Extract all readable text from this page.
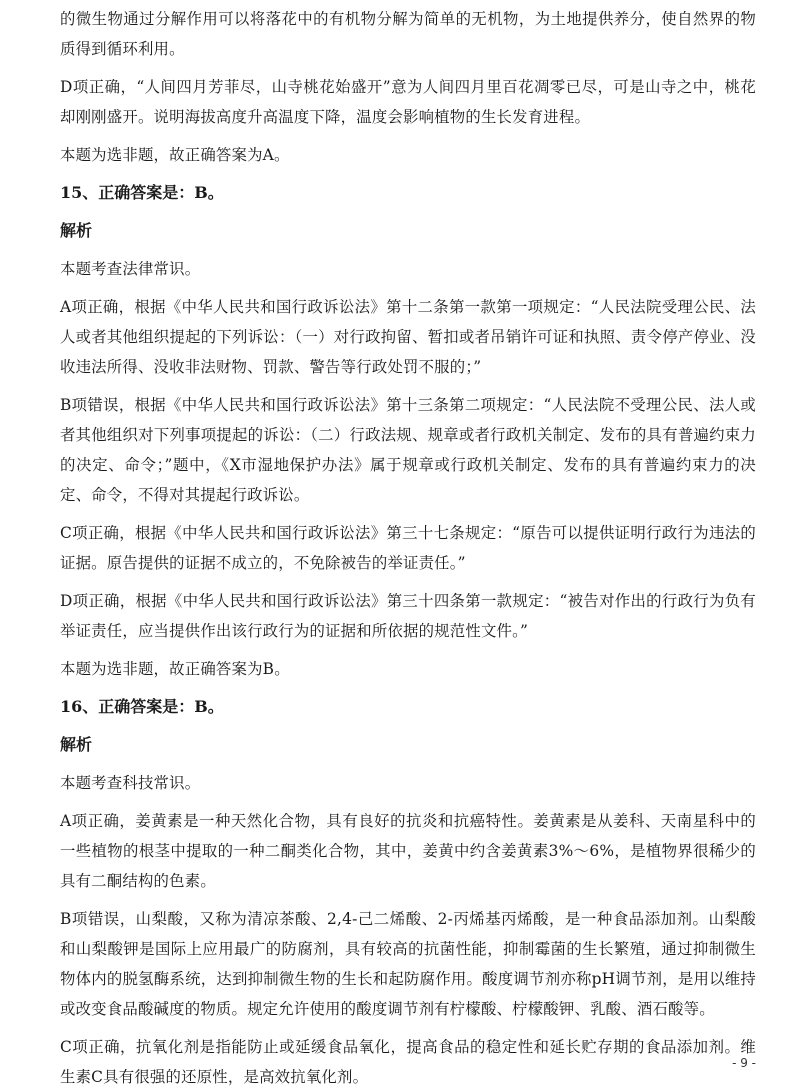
的微生物通过分解作用可以将落花中的有机物分解为简单的无机物，为土地提供养分，使自然界的物质得到循环利用。

D项正确，“人间四月芳菲尽，山寺桃花始盛开”意为人间四月里百花凋零已尽，可是山寺之中，桃花却刚刚盛开。说明海拔高度升高温度下降，温度会影响植物的生长发育进程。

本题为选非题，故正确答案为A。

15、正确答案是：B。

解析

本题考查法律常识。

A项正确，根据《中华人民共和国行政诉讼法》第十二条第一款第一项规定：“人民法院受理公民、法人或者其他组织提起的下列诉讼：（一）对行政拘留、暂扣或者吊销许可证和执照、责令停产停业、没收违法所得、没收非法财物、罚款、警告等行政处罚不服的；”

B项错误，根据《中华人民共和国行政诉讼法》第十三条第二项规定：“人民法院不受理公民、法人或者其他组织对下列事项提起的诉讼：（二）行政法规、规章或者行政机关制定、发布的具有普遍约束力的决定、命令；”题中，《X市湿地保护办法》属于规章或行政机关制定、发布的具有普遍约束力的决定、命令，不得对其提起行政诉讼。

C项正确，根据《中华人民共和国行政诉讼法》第三十七条规定：“原告可以提供证明行政行为违法的证据。原告提供的证据不成立的，不免除被告的举证责任。”

D项正确，根据《中华人民共和国行政诉讼法》第三十四条第一款规定：“被告对作出的行政行为负有举证责任，应当提供作出该行政行为的证据和所依据的规范性文件。”

本题为选非题，故正确答案为B。

16、正确答案是：B。

解析

本题考查科技常识。

A项正确，姜黄素是一种天然化合物，具有良好的抗炎和抗癌特性。姜黄素是从姜科、天南星科中的一些植物的根茎中提取的一种二酮类化合物，其中，姜黄中约含姜黄素3%～6%，是植物界很稀少的具有二酮结构的色素。

B项错误，山梨酸，又称为清凉茶酸、2,4-己二烯酸、2-丙烯基丙烯酸，是一种食品添加剂。山梨酸和山梨酸钾是国际上应用最广的防腐剂，具有较高的抗菌性能，抑制霉菌的生长繁殖，通过抑制微生物体内的脱氢酶系统，达到抑制微生物的生长和起防腐作用。酸度调节剂亦称pH调节剂，是用以维持或改变食品酸碱度的物质。规定允许使用的酸度调节剂有柠檬酸、柠檬酸钾、乳酸、酒石酸等。

C项正确，抗氧化剂是指能防止或延缓食品氧化，提高食品的稳定性和延长贮存期的食品添加剂。维生素C具有很强的还原性，是高效抗氧化剂。

- 9 -
